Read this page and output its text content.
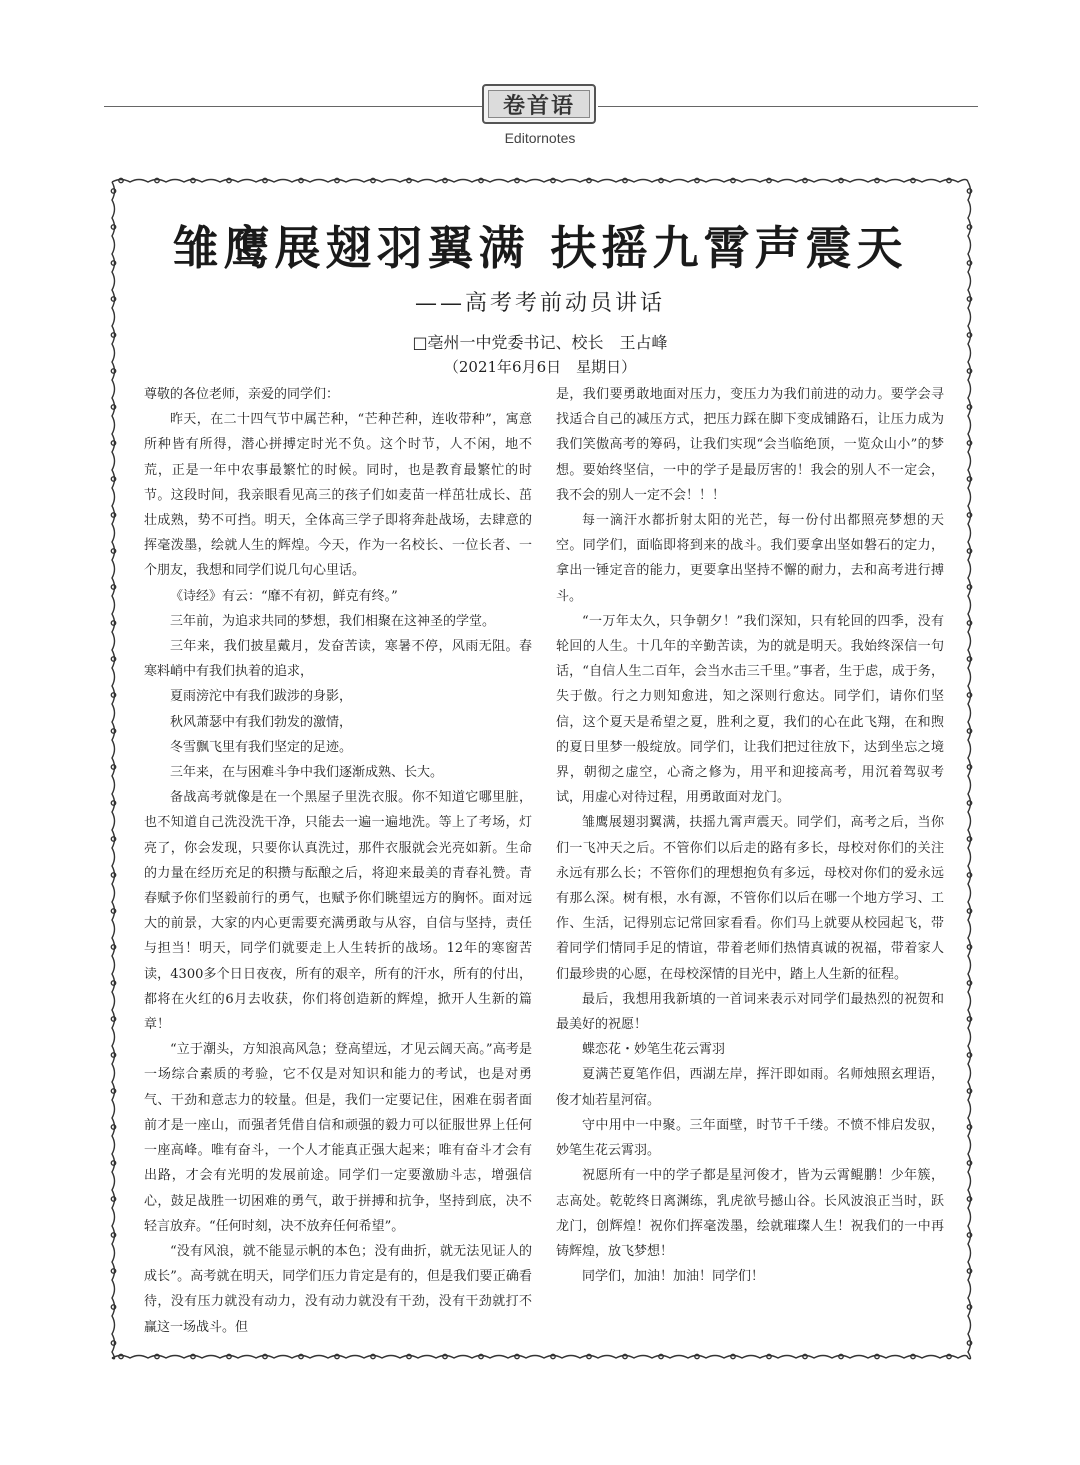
卷首语
Editornotes
雏鹰展翅羽翼满 扶摇九霄声震天
——高考考前动员讲话
□亳州一中党委书记、校长　王占峰
（2021年6月6日　星期日）

尊敬的各位老师，亲爱的同学们：

昨天，在二十四气节中属芒种，“芒种芒种，连收带种”，寓意所种皆有所得，潜心拼搏定时光不负。这个时节，人不闲，地不荒，正是一年中农事最繁忙的时候。同时，也是教育最繁忙的时节。这段时间，我亲眼看见高三的孩子们如麦苗一样茁壮成长、茁壮成熟，势不可挡。明天，全体高三学子即将奔赴战场，去肆意的挥毫泼墨，绘就人生的辉煌。今天，作为一名校长、一位长者、一个朋友，我想和同学们说几句心里话。

《诗经》有云：“靡不有初，鲜克有终。”

三年前，为追求共同的梦想，我们相聚在这神圣的学堂。

三年来，我们披星戴月，发奋苦读，寒暑不停，风雨无阻。春寒料峭中有我们执着的追求，

夏雨滂沱中有我们跋涉的身影，

秋风萧瑟中有我们勃发的激情，

冬雪飘飞里有我们坚定的足迹。

三年来，在与困难斗争中我们逐渐成熟、长大。

备战高考就像是在一个黑屋子里洗衣服。你不知道它哪里脏，也不知道自己洗没洗干净，只能去一遍一遍地洗。等上了考场，灯亮了，你会发现，只要你认真洗过，那件衣服就会光亮如新。生命的力量在经历充足的积攒与酝酿之后，将迎来最美的青春礼赞。青春赋予你们坚毅前行的勇气，也赋予你们眺望远方的胸怀。面对远大的前景，大家的内心更需要充满勇敢与从容，自信与坚持，责任与担当！明天，同学们就要走上人生转折的战场。12年的寒窗苦读，4300多个日日夜夜，所有的艰辛，所有的汗水，所有的付出，都将在火红的6月去收获，你们将创造新的辉煌，掀开人生新的篇章！

“立于潮头，方知浪高风急；登高望远，才见云阔天高。”高考是一场综合素质的考验，它不仅是对知识和能力的考试，也是对勇气、干劲和意志力的较量。但是，我们一定要记住，困难在弱者面前才是一座山，而强者凭借自信和顽强的毅力可以征服世界上任何一座高峰。唯有奋斗，一个人才能真正强大起来；唯有奋斗才会有出路，才会有光明的发展前途。同学们一定要激励斗志，增强信心，鼓足战胜一切困难的勇气，敢于拼搏和抗争，坚持到底，决不轻言放弃。“任何时刻，决不放弃任何希望”。

“没有风浪，就不能显示帆的本色；没有曲折，就无法见证人的成长”。高考就在明天，同学们压力肯定是有的，但是我们要正确看待，没有压力就没有动力，没有动力就没有干劲，没有干劲就打不赢这一场战斗。但

是，我们要勇敢地面对压力，变压力为我们前进的动力。要学会寻找适合自己的减压方式，把压力踩在脚下变成铺路石，让压力成为我们笑傲高考的筹码，让我们实现“会当临绝顶，一览众山小”的梦想。要始终坚信，一中的学子是最厉害的！我会的别人不一定会，我不会的别人一定不会！！！

每一滴汗水都折射太阳的光芒，每一份付出都照亮梦想的天空。同学们，面临即将到来的战斗。我们要拿出坚如磐石的定力，拿出一锤定音的能力，更要拿出坚持不懈的耐力，去和高考进行搏斗。

“一万年太久，只争朝夕！”我们深知，只有轮回的四季，没有轮回的人生。十几年的辛勤苦读，为的就是明天。我始终深信一句话，“自信人生二百年，会当水击三千里。”事者，生于虑，成于务，失于傲。行之力则知愈进，知之深则行愈达。同学们，请你们坚信，这个夏天是希望之夏，胜利之夏，我们的心在此飞翔，在和煦的夏日里梦一般绽放。同学们，让我们把过往放下，达到坐忘之境界，朝彻之虚空，心斋之修为，用平和迎接高考，用沉着驾驭考试，用虚心对待过程，用勇敢面对龙门。

雏鹰展翅羽翼满，扶摇九霄声震天。同学们，高考之后，当你们一飞冲天之后。不管你们以后走的路有多长，母校对你们的关注永远有那么长；不管你们的理想抱负有多远，母校对你们的爱永远有那么深。树有根，水有源，不管你们以后在哪一个地方学习、工作、生活，记得别忘记常回家看看。你们马上就要从校园起飞，带着同学们情同手足的情谊，带着老师们热情真诚的祝福，带着家人们最珍贵的心愿，在母校深情的目光中，踏上人生新的征程。

最后，我想用我新填的一首词来表示对同学们最热烈的祝贺和最美好的祝愿！

蝶恋花・妙笔生花云霄羽

夏满芒夏笔作侣，西湖左岸，挥汗即如雨。名师烛照玄理语，俊才灿若星河宿。

守中用中一中聚。三年面壁，时节千千缕。不愤不悱启发驭，妙笔生花云霄羽。

祝愿所有一中的学子都是星河俊才，皆为云霄鲲鹏！少年簇，志高处。乾乾终日离渊练，乳虎欲号撼山谷。长风波浪正当时，跃龙门，创辉煌！祝你们挥毫泼墨，绘就璀璨人生！祝我们的一中再铸辉煌，放飞梦想！

同学们，加油！加油！同学们！
